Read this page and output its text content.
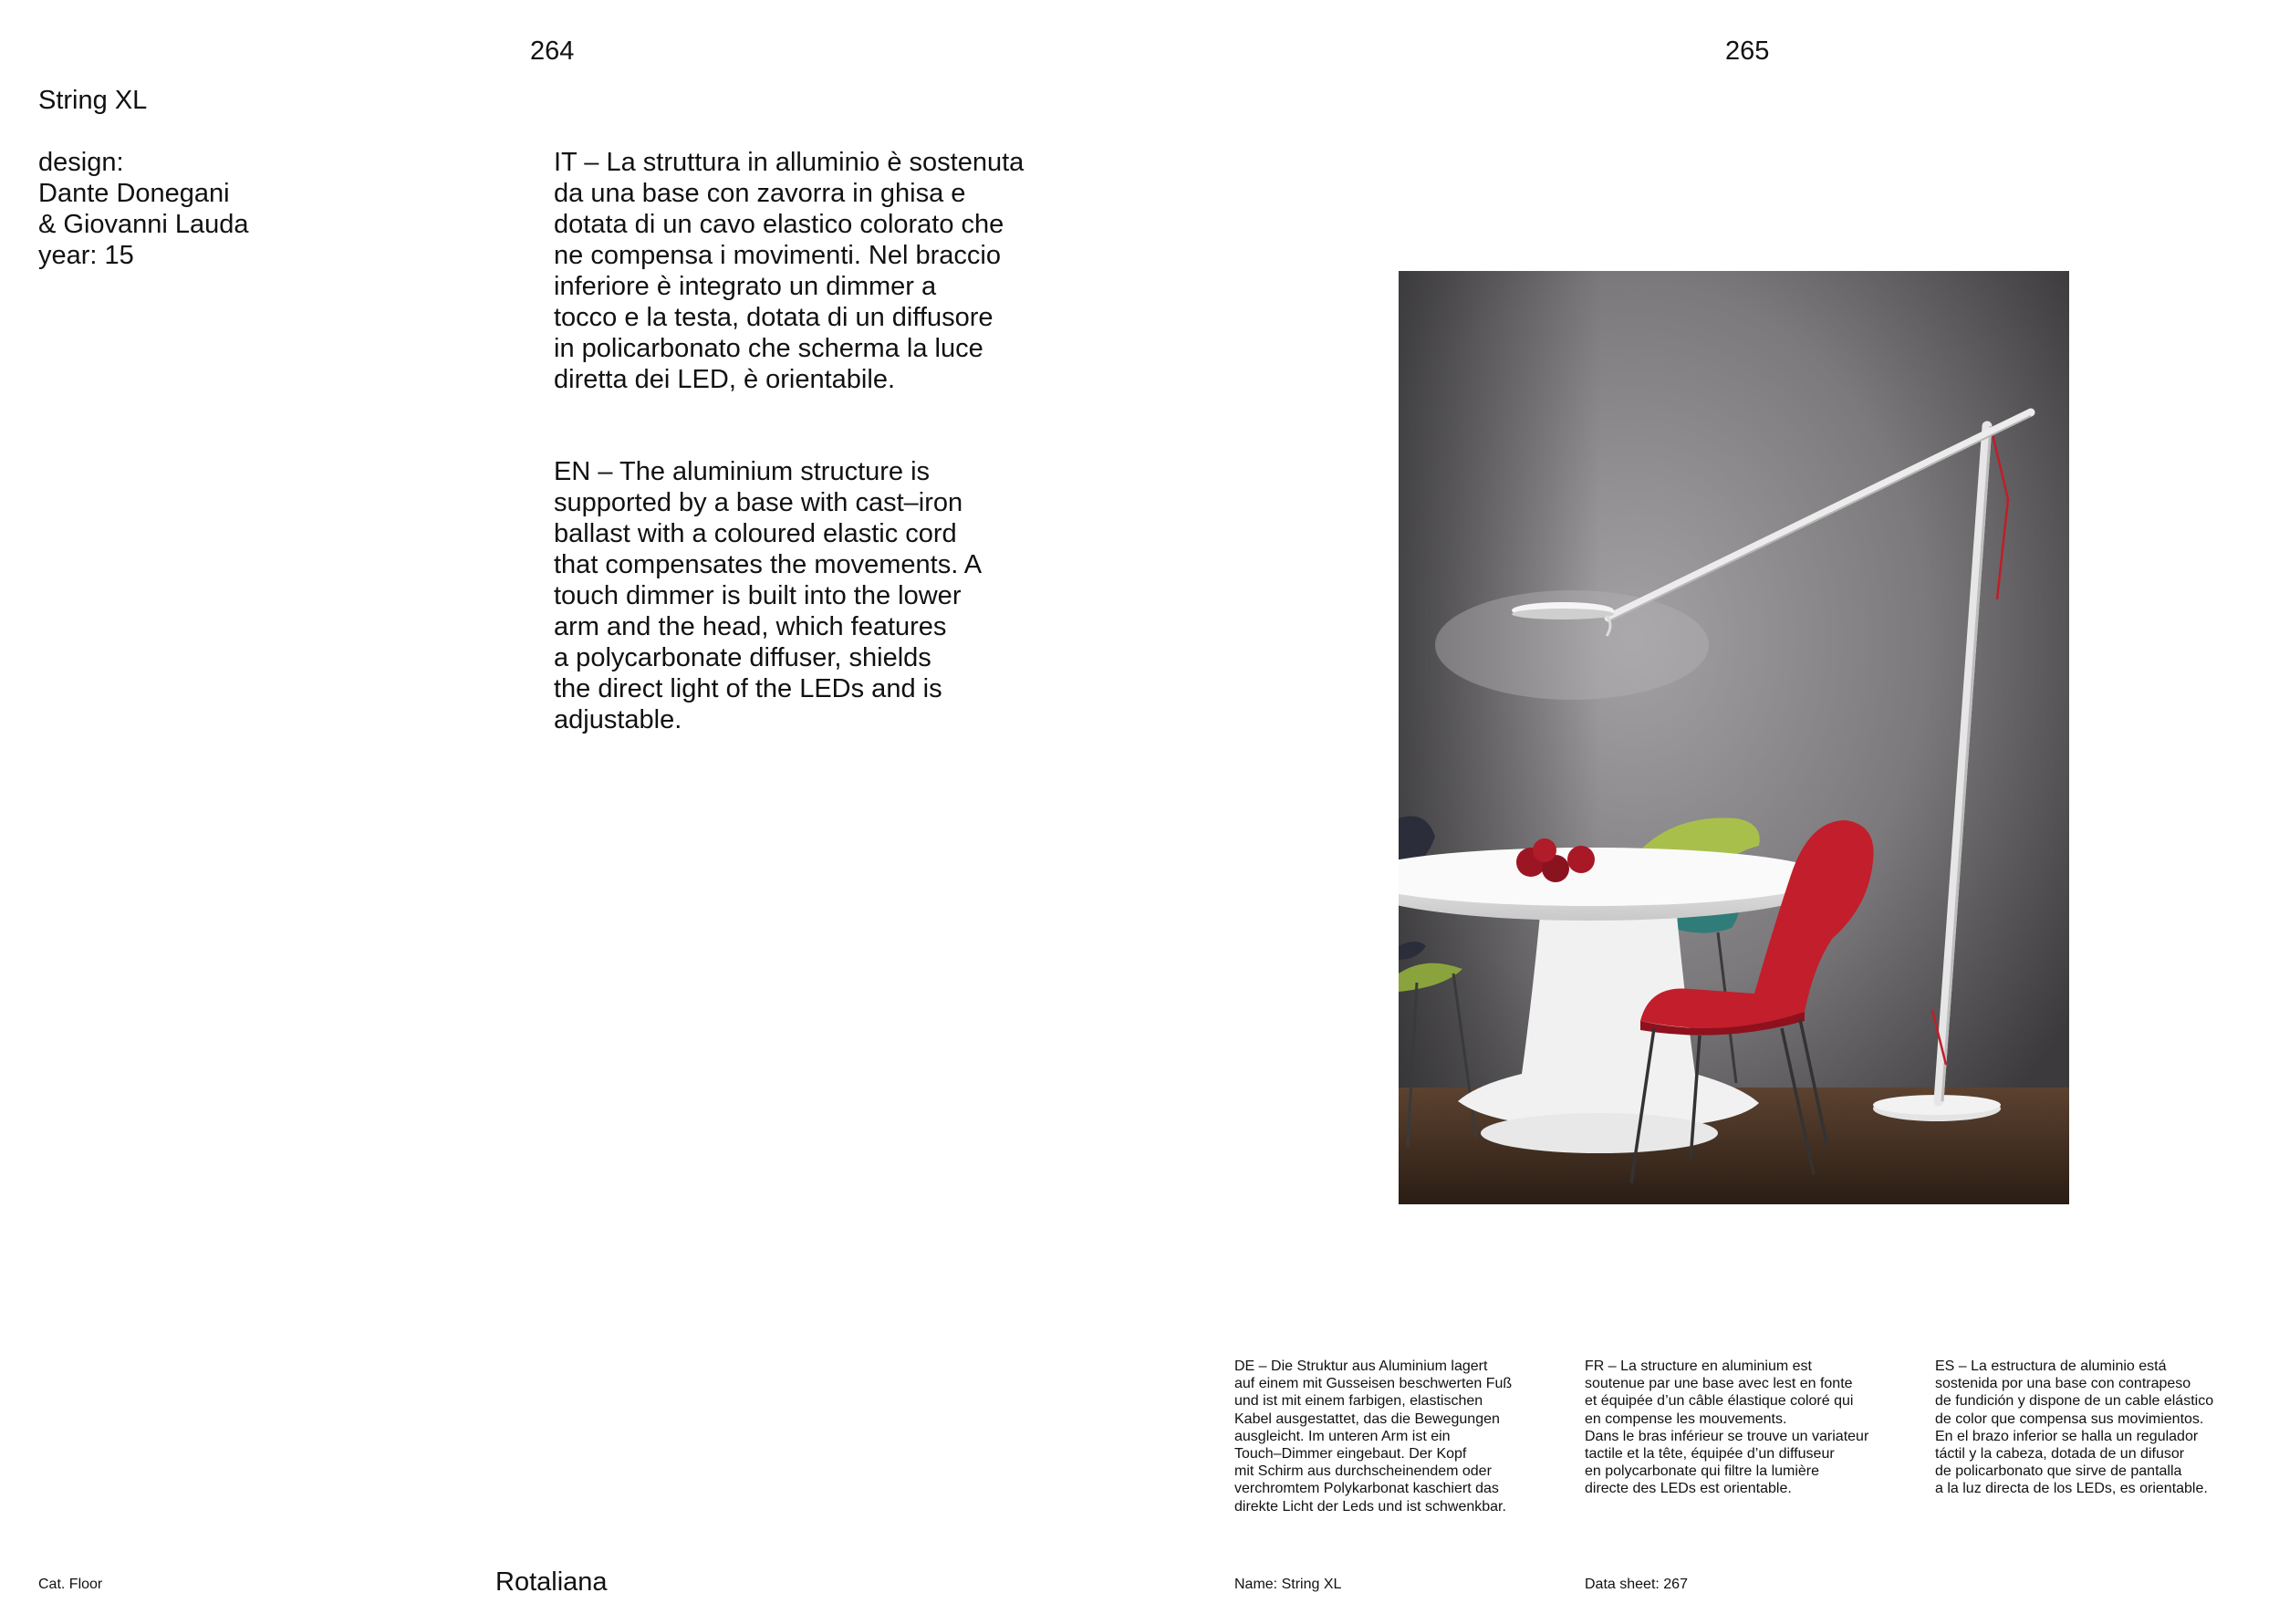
264	265
String XL

design:
Dante Donegani
& Giovanni Lauda
year: 15
IT – La struttura in alluminio è sostenuta
da una base con zavorra in ghisa e
dotata di un cavo elastico colorato che
ne compensa i movimenti. Nel braccio
inferiore è integrato un dimmer a
tocco e la testa, dotata di un diffusore
in policarbonato che scherma la luce
diretta dei LED, è orientabile.
EN – The aluminium structure is
supported by a base with cast–iron
ballast with a coloured elastic cord
that compensates the movements. A
touch dimmer is built into the lower
arm and the head, which features
a polycarbonate diffuser, shields
the direct light of the LEDs and is
adjustable.
DE – Die Struktur aus Aluminium lagert
auf einem mit Gusseisen beschwerten Fuß
und ist mit einem farbigen, elastischen
Kabel ausgestattet, das die Bewegungen
ausgleicht. Im unteren Arm ist ein
Touch–Dimmer eingebaut. Der Kopf
mit Schirm aus durchscheinendem oder
verchromtem Polykarbonat kaschiert das
direkte Licht der Leds und ist schwenkbar.
FR – La structure en aluminium est
soutenue par une base avec lest en fonte
et équipée d’un câble élastique coloré qui
en compense les mouvements.
Dans le bras inférieur se trouve un variateur
tactile et la tête, équipée d’un diffuseur
en polycarbonate qui filtre la lumière
directe des LEDs est orientable.
ES – La estructura de aluminio está
sostenida por una base con contrapeso
de fundición y dispone de un cable elástico
de color que compensa sus movimientos.
En el brazo inferior se halla un regulador
táctil y la cabeza, dotada de un difusor
de policarbonato que sirve de pantalla
a la luz directa de los LEDs, es orientable.
Cat. Floor	Rotaliana	Name: String XL	Data sheet: 267
